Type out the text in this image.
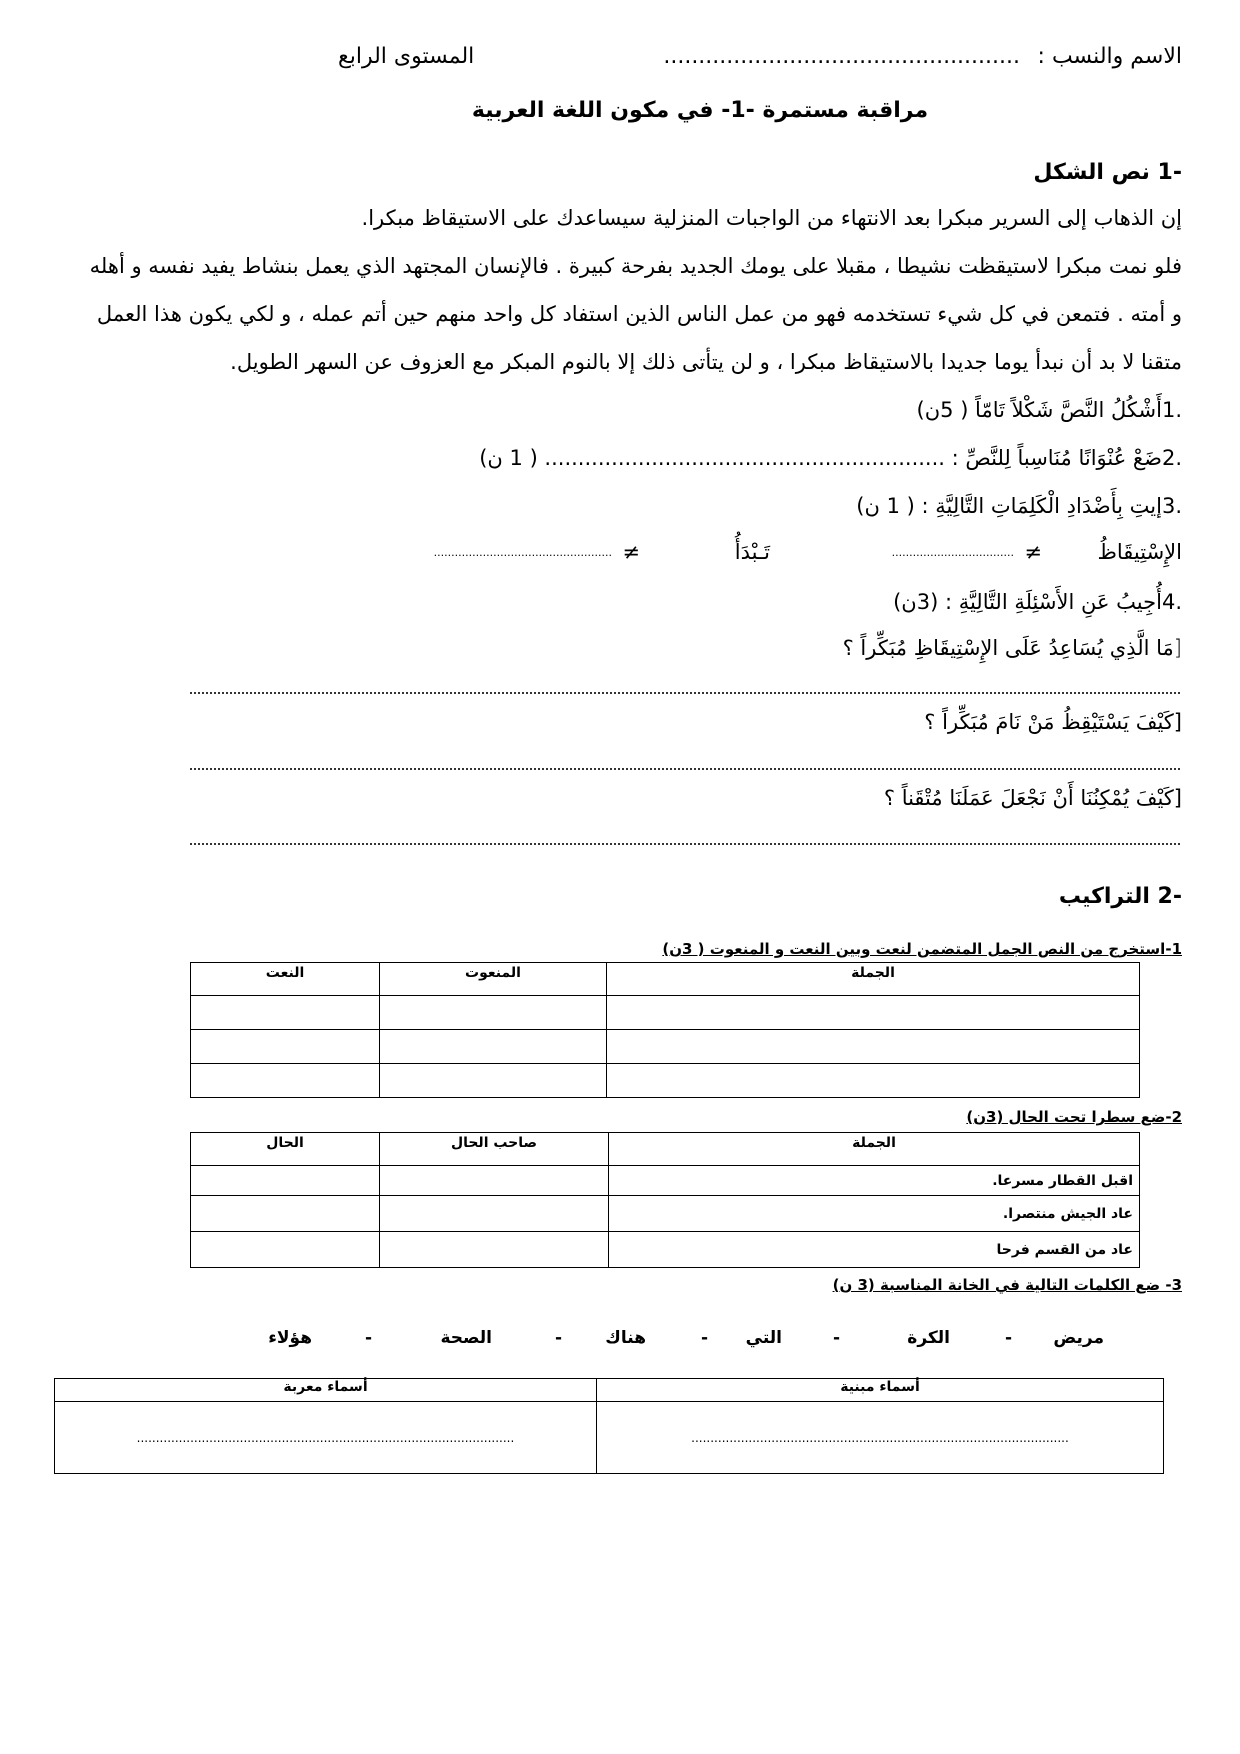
الاسم والنسب :
...................................................
المستوى الرابع
مراقبة مستمرة -1- في مكون اللغة العربية
-1 نص الشكل
إن الذهاب إلى السرير مبكرا بعد الانتهاء من الواجبات المنزلية سيساعدك على الاستيقاظ مبكرا.
فلو نمت مبكرا لاستيقظت نشيطا ، مقبلا على يومك الجديد بفرحة كبيرة . فالإنسان المجتهد الذي يعمل بنشاط يفيد نفسه و أهله
و أمته . فتمعن في كل شيء تستخدمه فهو من عمل الناس الذين استفاد كل واحد منهم حين أتم عمله ، و لكي يكون هذا العمل
متقنا لا بد أن نبدأ يوما جديدا بالاستيقاظ مبكرا ، و لن يتأتى ذلك إلا بالنوم المبكر مع العزوف عن السهر الطويل.
.1أَشْكُلُ النَّصَّ شَكْلاً تَامّاً ( 5ن)
.2ضَعْ عُنْوَانًا مُنَاسِباً لِلنَّصِّ : ............................................................ ( 1 ن)
.3إيتِ بِأَضْدَادِ الْكَلِمَاتِ التَّالِيَّةِ : ( 1 ن)
الإِسْتِيقَاظُ
≠
...................................
تَـبْدَأُ
≠
...................................................
.4أُجِيبُ عَنِ الأَسْئِلَةِ التَّالِيَّةِ : (3ن)
[مَا الَّذِي يُسَاعِدُ عَلَى الإِسْتِيقَاظِ مُبَكِّراً ؟
[كَيْفَ يَسْتَيْقِظُ مَنْ نَامَ مُبَكِّراً ؟
[كَيْفَ يُمْكِنُنَا أَنْ نَجْعَلَ عَمَلَنَا مُتْقَناً ؟
-2 التراكيب
1-استخرج من النص الجمل المتضمن لنعت وبين النعت و المنعوت ( 3ن)
الجملة	المنعوت	النعت

2-ضع سطرا تحت الحال (3ن)
الجملة	صاحب الحال	الحال
اقبل القطار مسرعا.		
عاد الجيش منتصرا.		
عاد من القسم فرحا		
3- ضع الكلمات التالية في الخانة المناسبة (3 ن)
مريض
-
الكرة
-
التي
-
هناك
-
الصحة
-
هؤلاء
أسماء مبنية	أسماء معربة
...................................................................................................	...................................................................................................
